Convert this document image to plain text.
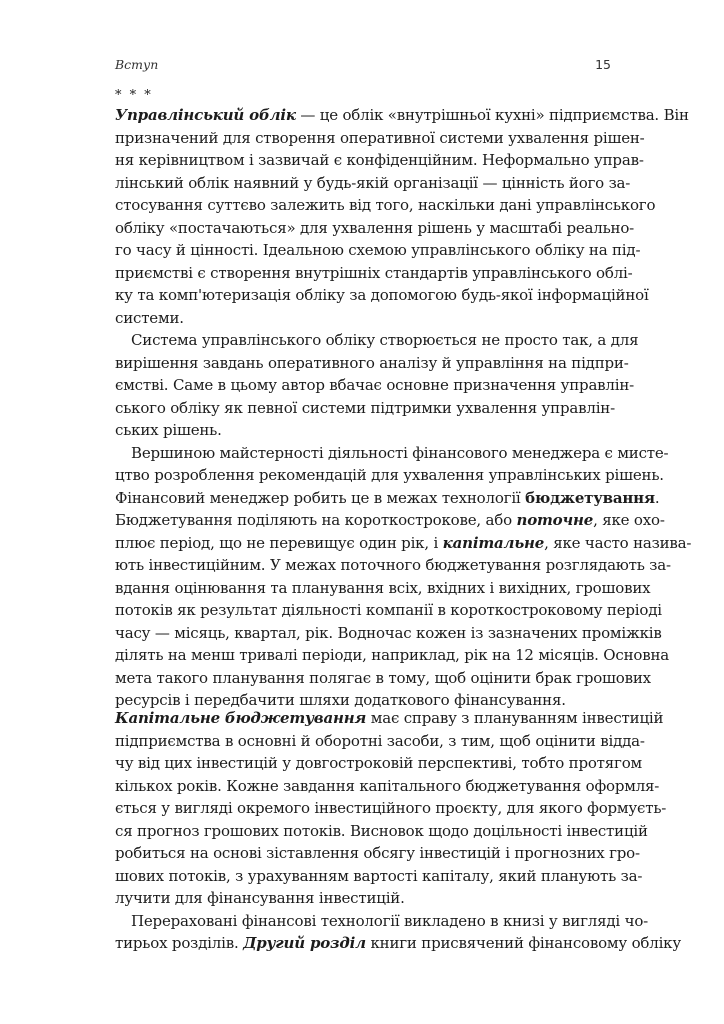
Вступ	15
* * *
Управлінський облік — це облік «внутрішньої кухні» підприємства. Він
призначений для створення оперативної системи ухвалення рішен-
ня керівництвом і зазвичай є конфіденційним. Неформально управ-
лінський облік наявний у будь-якій організації — цінність його за-
стосування суттєво залежить від того, наскільки дані управлінського
обліку «постачаються» для ухвалення рішень у масштабі реально-
го часу й цінності. Ідеальною схемою управлінського обліку на під-
приємстві є створення внутрішніх стандартів управлінського облі-
ку та комп'ютеризація обліку за допомогою будь-якої інформаційної
системи.
Система управлінського обліку створюється не просто так, а для
вирішення завдань оперативного аналізу й управління на підпри-
ємстві. Саме в цьому автор вбачає основне призначення управлін-
ського обліку як певної системи підтримки ухвалення управлін-
ських рішень.
Вершиною майстерності діяльності фінансового менеджера є мисте-
цтво розроблення рекомендацій для ухвалення управлінських рішень.
Фінансовий менеджер робить це в межах технології бюджетування.
Бюджетування поділяють на короткострокове, або поточне, яке охо-
плює період, що не перевищує один рік, і капітальне, яке часто назива-
ють інвестиційним. У межах поточного бюджетування розглядають за-
вдання оцінювання та планування всіх, вхідних і вихідних, грошових
потоків як результат діяльності компанії в короткостроковому періоді
часу — місяць, квартал, рік. Водночас кожен із зазначених проміжків
ділять на менш тривалі періоди, наприклад, рік на 12 місяців. Основна
мета такого планування полягає в тому, щоб оцінити брак грошових
ресурсів і передбачити шляхи додаткового фінансування.
Капітальне бюджетування має справу з плануванням інвестицій
підприємства в основні й оборотні засоби, з тим, щоб оцінити відда-
чу від цих інвестицій у довгостроковій перспективі, тобто протягом
кількох років. Кожне завдання капітального бюджетування оформля-
ється у вигляді окремого інвестиційного проєкту, для якого формуєть-
ся прогноз грошових потоків. Висновок щодо доцільності інвестицій
робиться на основі зіставлення обсягу інвестицій і прогнозних гро-
шових потоків, з урахуванням вартості капіталу, який планують за-
лучити для фінансування інвестицій.
Перераховані фінансові технології викладено в книзі у вигляді чо-
тирьох розділів. Другий розділ книги присвячений фінансовому обліку
